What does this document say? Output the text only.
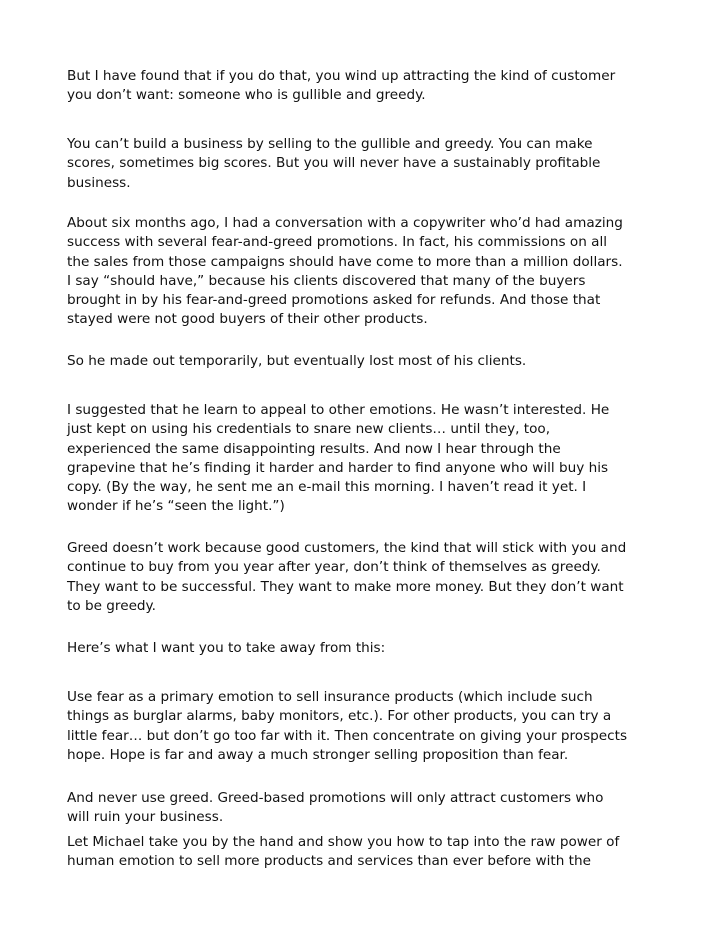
But I have found that if you do that, you wind up attracting the kind of customer
you don’t want: someone who is gullible and greedy.

You can’t build a business by selling to the gullible and greedy. You can make
scores, sometimes big scores. But you will never have a sustainably profitable
business.

About six months ago, I had a conversation with a copywriter who’d had amazing
success with several fear-and-greed promotions. In fact, his commissions on all
the sales from those campaigns should have come to more than a million dollars.
I say “should have,” because his clients discovered that many of the buyers
brought in by his fear-and-greed promotions asked for refunds. And those that
stayed were not good buyers of their other products.

So he made out temporarily, but eventually lost most of his clients.

I suggested that he learn to appeal to other emotions. He wasn’t interested. He
just kept on using his credentials to snare new clients… until they, too,
experienced the same disappointing results. And now I hear through the
grapevine that he’s finding it harder and harder to find anyone who will buy his
copy. (By the way, he sent me an e-mail this morning. I haven’t read it yet. I
wonder if he’s “seen the light.”)

Greed doesn’t work because good customers, the kind that will stick with you and
continue to buy from you year after year, don’t think of themselves as greedy.
They want to be successful. They want to make more money. But they don’t want
to be greedy.

Here’s what I want you to take away from this:

Use fear as a primary emotion to sell insurance products (which include such
things as burglar alarms, baby monitors, etc.). For other products, you can try a
little fear… but don’t go too far with it. Then concentrate on giving your prospects
hope. Hope is far and away a much stronger selling proposition than fear.

And never use greed. Greed-based promotions will only attract customers who
will ruin your business.

Let Michael take you by the hand and show you how to tap into the raw power of
human emotion to sell more products and services than ever before with the
